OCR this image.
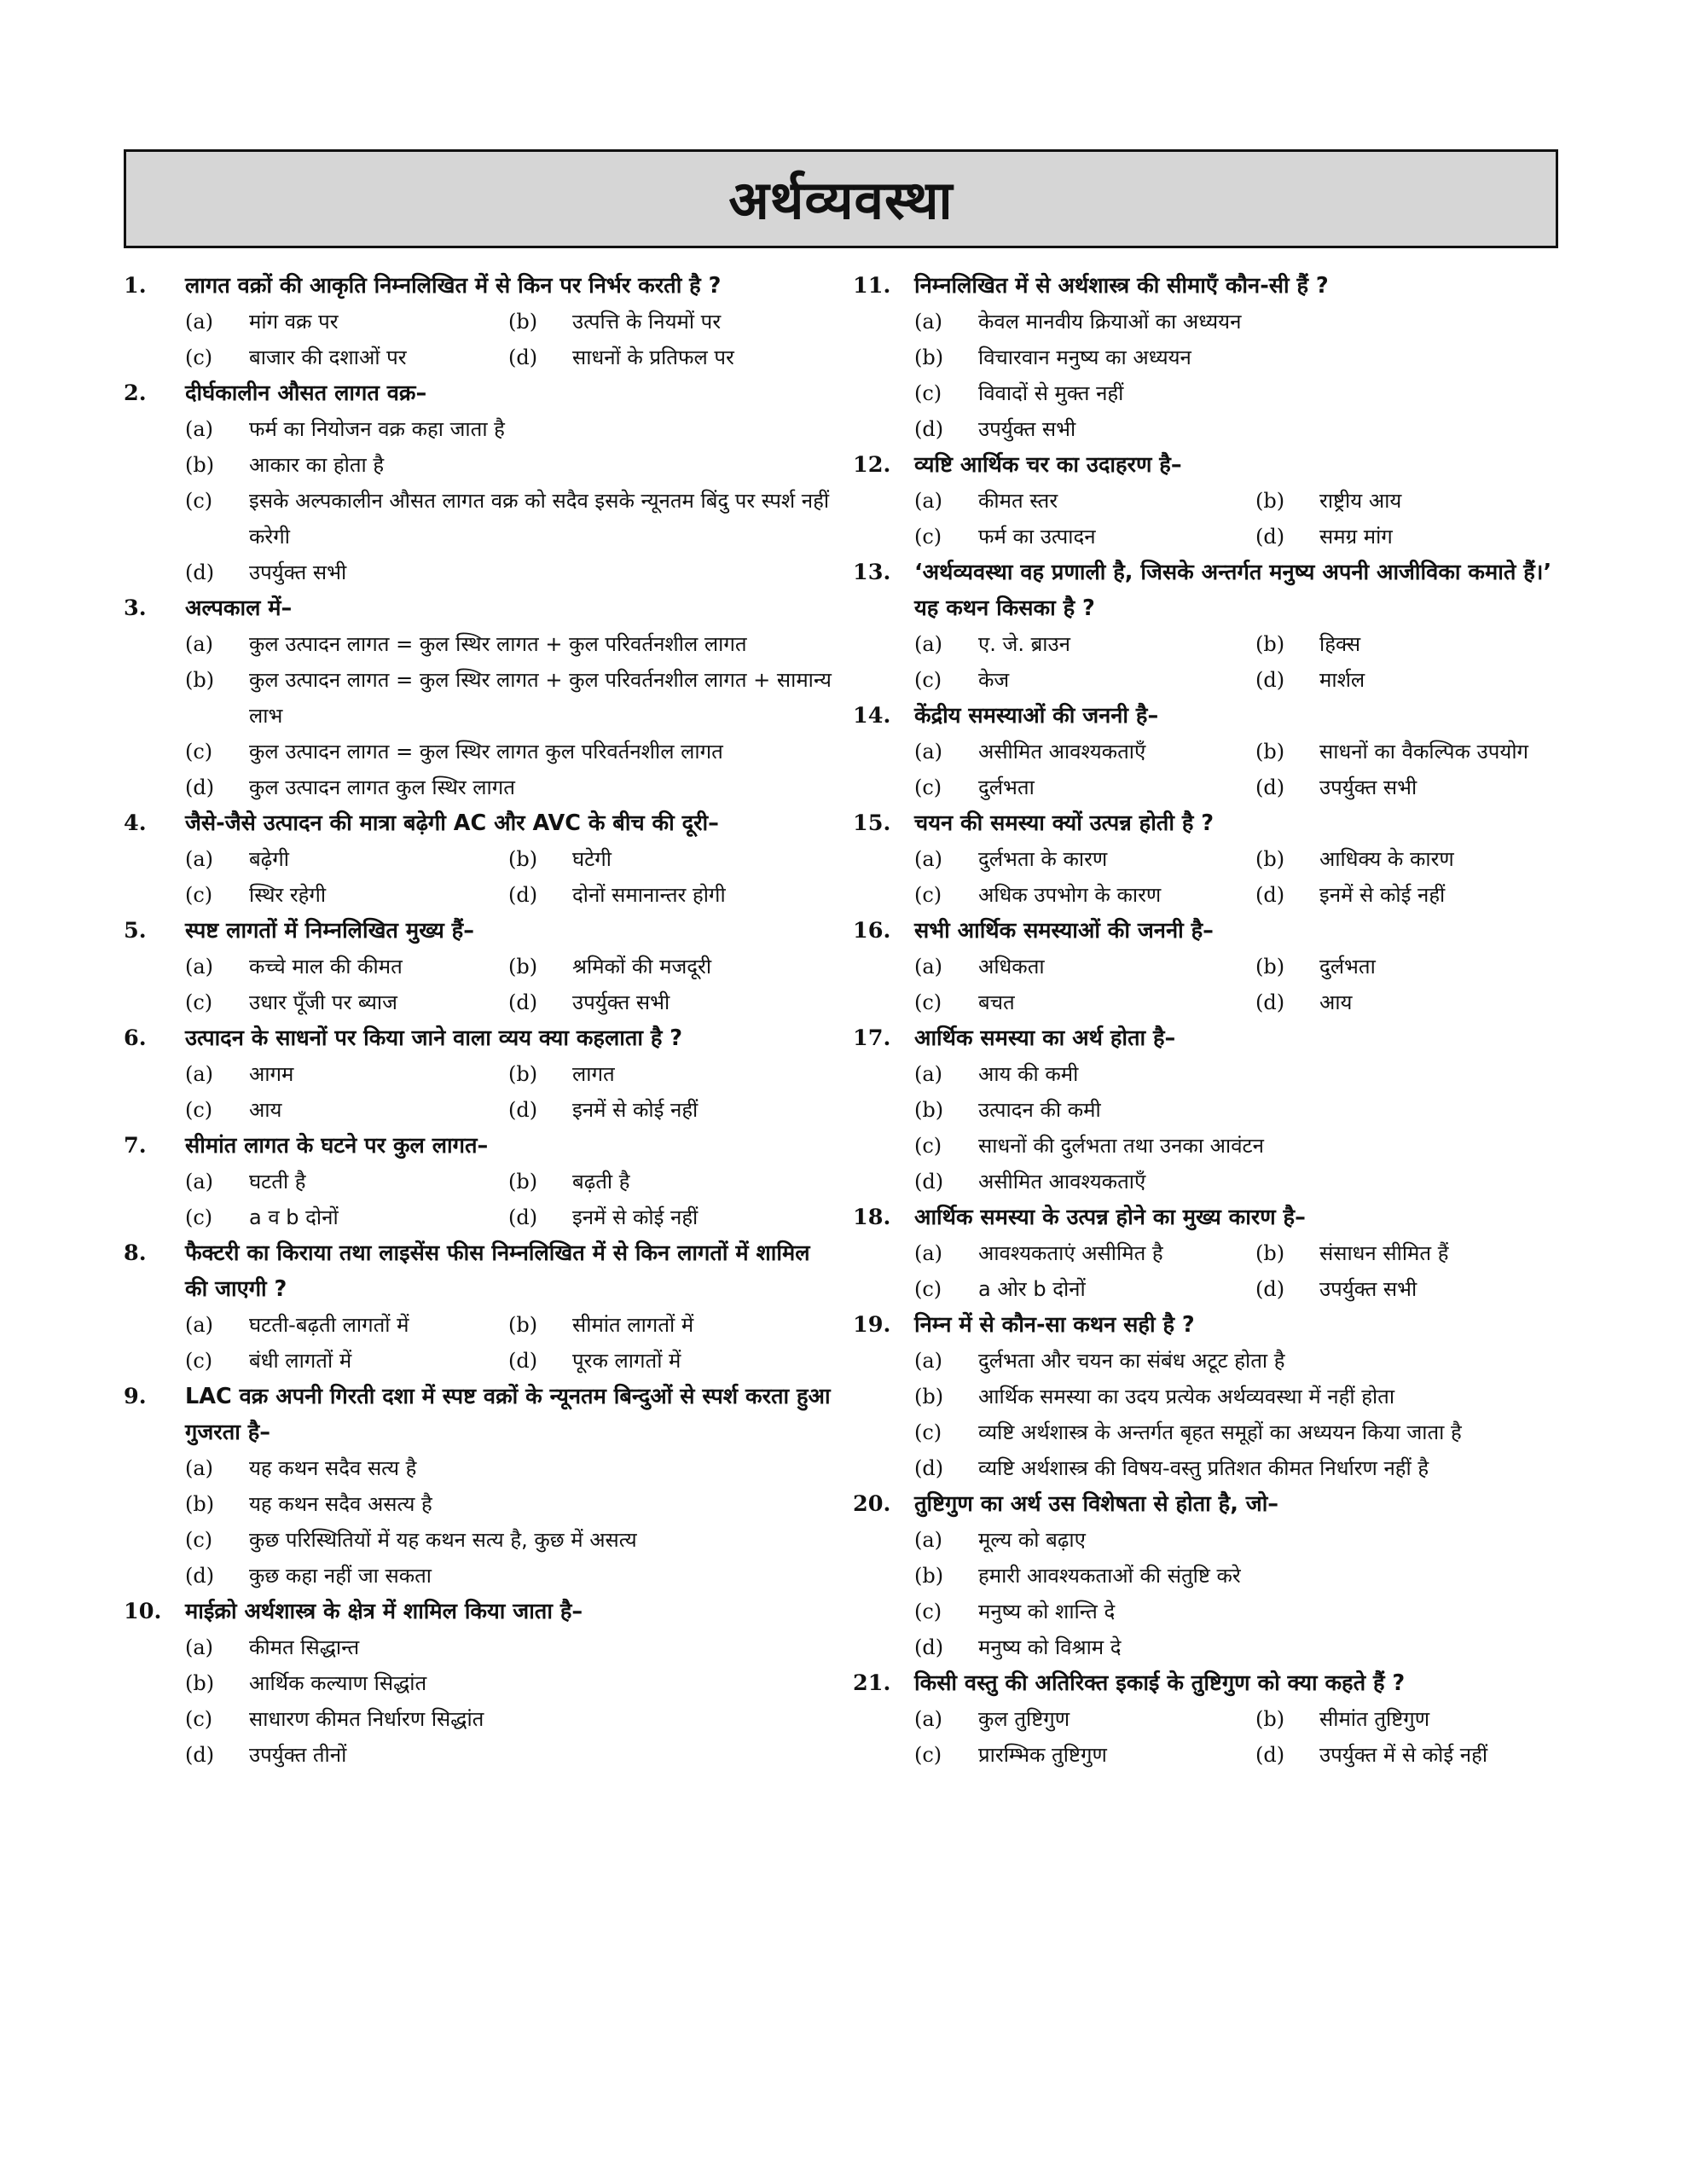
अर्थव्यवस्था
1.	लागत वक्रों की आकृति निम्नलिखित में से किन पर निर्भर करती है ?
(a)	मांग वक्र पर	(b)	उत्पत्ति के नियमों पर
(c)	बाजार की दशाओं पर	(d)	साधनों के प्रतिफल पर
2.	दीर्घकालीन औसत लागत वक्र–
(a)	फर्म का नियोजन वक्र कहा जाता है
(b)	आकार का होता है
(c)	इसके अल्पकालीन औसत लागत वक्र को सदैव इसके न्यूनतम बिंदु पर स्पर्श नहीं करेगी
(d)	उपर्युक्त सभी
3.	अल्पकाल में–
(a)	कुल उत्पादन लागत = कुल स्थिर लागत + कुल परिवर्तनशील लागत
(b)	कुल उत्पादन लागत = कुल स्थिर लागत + कुल परिवर्तनशील लागत + सामान्य लाभ
(c)	कुल उत्पादन लागत = कुल स्थिर लागत कुल परिवर्तनशील लागत
(d)	कुल उत्पादन लागत कुल स्थिर लागत
4.	जैसे-जैसे उत्पादन की मात्रा बढ़ेगी AC और AVC के बीच की दूरी–
(a)	बढ़ेगी	(b)	घटेगी
(c)	स्थिर रहेगी	(d)	दोनों समानान्तर होगी
5.	स्पष्ट लागतों में निम्नलिखित मुख्य हैं–
(a)	कच्चे माल की कीमत	(b)	श्रमिकों की मजदूरी
(c)	उधार पूँजी पर ब्याज	(d)	उपर्युक्त सभी
6.	उत्पादन के साधनों पर किया जाने वाला व्यय क्या कहलाता है ?
(a)	आगम	(b)	लागत
(c)	आय	(d)	इनमें से कोई नहीं
7.	सीमांत लागत के घटने पर कुल लागत–
(a)	घटती है	(b)	बढ़ती है
(c)	a व b दोनों	(d)	इनमें से कोई नहीं
8.	फैक्टरी का किराया तथा लाइसेंस फीस निम्नलिखित में से किन लागतों में शामिल की जाएगी ?
(a)	घटती-बढ़ती लागतों में	(b)	सीमांत लागतों में
(c)	बंधी लागतों में	(d)	पूरक लागतों में
9.	LAC वक्र अपनी गिरती दशा में स्पष्ट वक्रों के न्यूनतम बिन्दुओं से स्पर्श करता हुआ गुजरता है–
(a)	यह कथन सदैव सत्य है
(b)	यह कथन सदैव असत्य है
(c)	कुछ परिस्थितियों में यह कथन सत्य है, कुछ में असत्य
(d)	कुछ कहा नहीं जा सकता
10.	माईक्रो अर्थशास्त्र के क्षेत्र में शामिल किया जाता है–
(a)	कीमत सिद्धान्त
(b)	आर्थिक कल्याण सिद्धांत
(c)	साधारण कीमत निर्धारण सिद्धांत
(d)	उपर्युक्त तीनों
11.	निम्नलिखित में से अर्थशास्त्र की सीमाएँ कौन-सी हैं ?
(a)	केवल मानवीय क्रियाओं का अध्ययन
(b)	विचारवान मनुष्य का अध्ययन
(c)	विवादों से मुक्त नहीं
(d)	उपर्युक्त सभी
12.	व्यष्टि आर्थिक चर का उदाहरण है–
(a)	कीमत स्तर	(b)	राष्ट्रीय आय
(c)	फर्म का उत्पादन	(d)	समग्र मांग
13.	‘अर्थव्यवस्था वह प्रणाली है, जिसके अन्तर्गत मनुष्य अपनी आजीविका कमाते हैं।’ यह कथन किसका है ?
(a)	ए. जे. ब्राउन	(b)	हिक्स
(c)	केज	(d)	मार्शल
14.	केंद्रीय समस्याओं की जननी है–
(a)	असीमित आवश्यकताएँ	(b)	साधनों का वैकल्पिक उपयोग
(c)	दुर्लभता	(d)	उपर्युक्त सभी
15.	चयन की समस्या क्यों उत्पन्न होती है ?
(a)	दुर्लभता के कारण	(b)	आधिक्य के कारण
(c)	अधिक उपभोग के कारण	(d)	इनमें से कोई नहीं
16.	सभी आर्थिक समस्याओं की जननी है–
(a)	अधिकता	(b)	दुर्लभता
(c)	बचत	(d)	आय
17.	आर्थिक समस्या का अर्थ होता है–
(a)	आय की कमी
(b)	उत्पादन की कमी
(c)	साधनों की दुर्लभता तथा उनका आवंटन
(d)	असीमित आवश्यकताएँ
18.	आर्थिक समस्या के उत्पन्न होने का मुख्य कारण है–
(a)	आवश्यकताएं असीमित है	(b)	संसाधन सीमित हैं
(c)	a ओर b दोनों	(d)	उपर्युक्त सभी
19.	निम्न में से कौन-सा कथन सही है ?
(a)	दुर्लभता और चयन का संबंध अटूट होता है
(b)	आर्थिक समस्या का उदय प्रत्येक अर्थव्यवस्था में नहीं होता
(c)	व्यष्टि अर्थशास्त्र के अन्तर्गत बृहत समूहों का अध्ययन किया जाता है
(d)	व्यष्टि अर्थशास्त्र की विषय-वस्तु प्रतिशत कीमत निर्धारण नहीं है
20.	तुष्टिगुण का अर्थ उस विशेषता से होता है, जो–
(a)	मूल्य को बढ़ाए
(b)	हमारी आवश्यकताओं की संतुष्टि करे
(c)	मनुष्य को शान्ति दे
(d)	मनुष्य को विश्राम दे
21.	किसी वस्तु की अतिरिक्त इकाई के तुष्टिगुण को क्या कहते हैं ?
(a)	कुल तुष्टिगुण	(b)	सीमांत तुष्टिगुण
(c)	प्रारम्भिक तुष्टिगुण	(d)	उपर्युक्त में से कोई नहीं
